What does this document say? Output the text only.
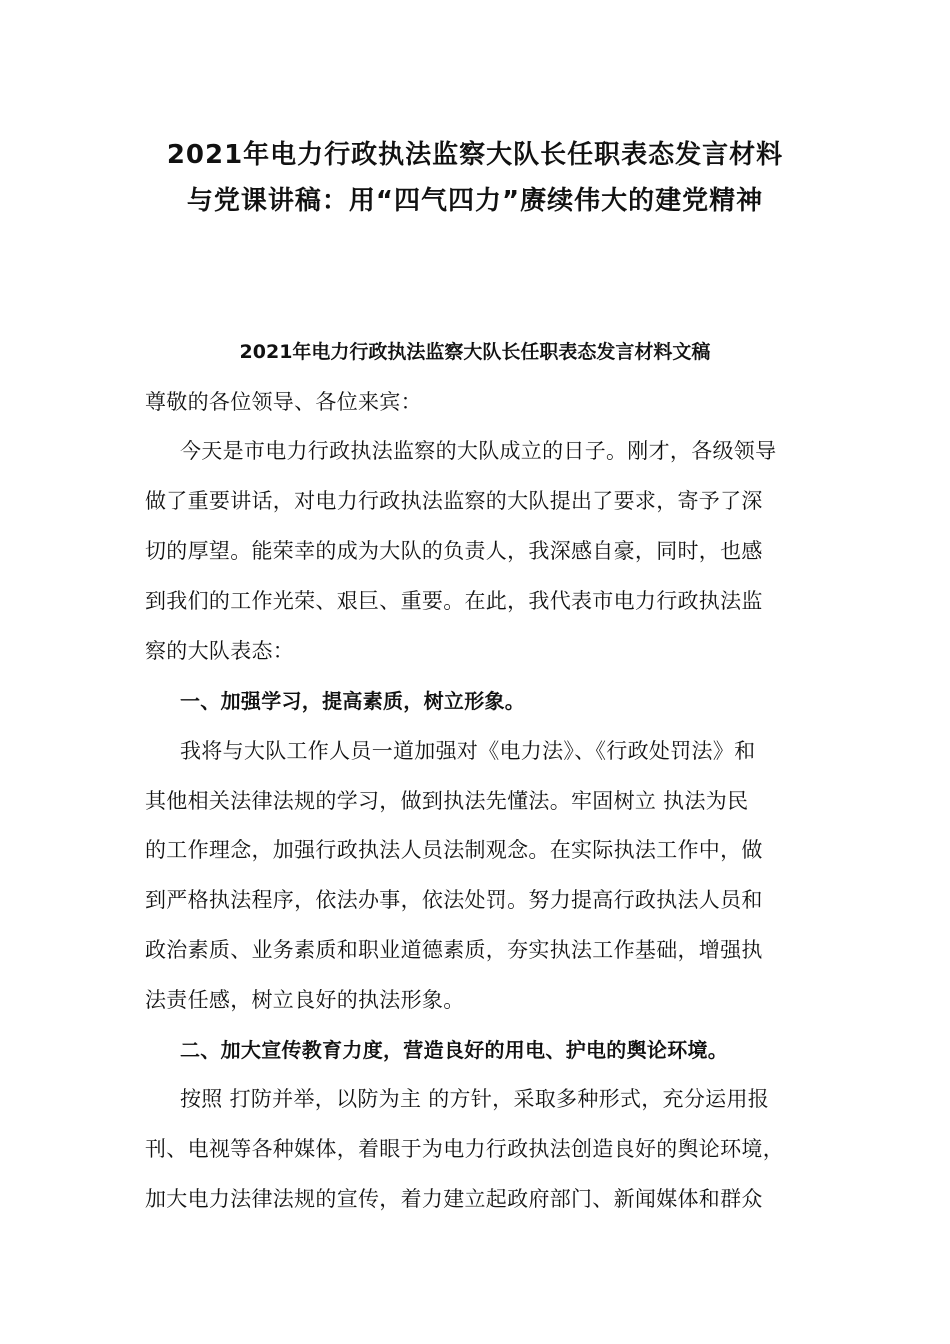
2021年电力行政执法监察大队长任职表态发言材料
与党课讲稿：用“四气四力”赓续伟大的建党精神
2021年电力行政执法监察大队长任职表态发言材料文稿
尊敬的各位领导、各位来宾：
今天是市电力行政执法监察的大队成立的日子。刚才，各级领导
做了重要讲话，对电力行政执法监察的大队提出了要求，寄予了深
切的厚望。能荣幸的成为大队的负责人，我深感自豪，同时，也感
到我们的工作光荣、艰巨、重要。在此，我代表市电力行政执法监
察的大队表态：
一、加强学习，提高素质，树立形象。
我将与大队工作人员一道加强对《电力法》、《行政处罚法》和
其他相关法律法规的学习，做到执法先懂法。牢固树立 执法为民
的工作理念，加强行政执法人员法制观念。在实际执法工作中，做
到严格执法程序，依法办事，依法处罚。努力提高行政执法人员和
政治素质、业务素质和职业道德素质，夯实执法工作基础，增强执
法责任感，树立良好的执法形象。
二、加大宣传教育力度，营造良好的用电、护电的舆论环境。
按照 打防并举，以防为主 的方针，采取多种形式，充分运用报
刊、电视等各种媒体，着眼于为电力行政执法创造良好的舆论环境，
加大电力法律法规的宣传，着力建立起政府部门、新闻媒体和群众
